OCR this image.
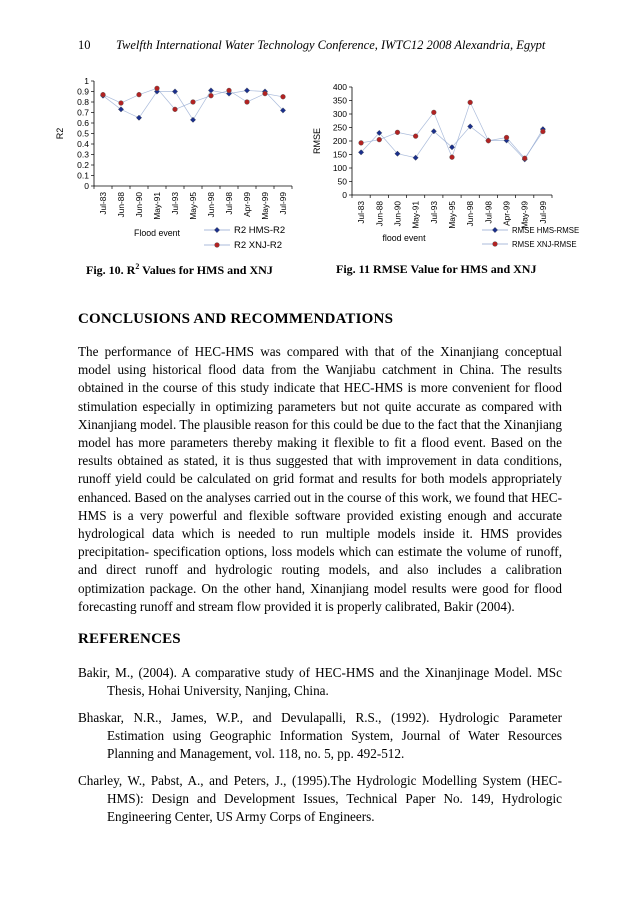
10 Twelfth International Water Technology Conference, IWTC12 2008 Alexandria, Egypt
0
0.1
0.2
0.3
0.4
0.5
0.6
0.7
0.8
0.9
1
Jul-83 Jun-88 Jun-90 May-91 Jul-93 May-95 Jun-98 Jul-98 Apr-99 May-99 Jul-99
R2
Flood event	R2 HMS-R2
R2 XNJ-R2
0
50
100
150
200
250
300
350
400
Jul-83 Jun-88 Jun-90 May-91 Jul-93 May-95 Jun-98 Jul-98 Apr-99 May-99 Jul-99
RMSE
flood event
RMSE HMS-RMSE
RMSE XNJ-RMSE
Fig. 10. $R^2$ Values for HMS and XNJ	Fig. 11 RMSE Value for HMS and XNJ
CONCLUSIONS AND RECOMMENDATIONS
The performance of HEC-HMS was compared with that of the Xinanjiang conceptual model using historical flood data from the Wanjiabu catchment in China. The results obtained in the course of this study indicate that HEC-HMS is more convenient for flood stimulation especially in optimizing parameters but not quite accurate as compared with Xinanjiang model. The plausible reason for this could be due to the fact that the Xinanjiang model has more parameters thereby making it flexible to fit a flood event. Based on the results obtained as stated, it is thus suggested that with improvement in data conditions, runoff yield could be calculated on grid format and results for both models appropriately enhanced. Based on the analyses carried out in the course of this work, we found that HEC-HMS is a very powerful and flexible software provided existing enough and accurate hydrological data which is needed to run multiple models inside it. HMS provides precipitation- specification options, loss models which can estimate the volume of runoff, and direct runoff and hydrologic routing models, and also includes a calibration optimization package. On the other hand, Xinanjiang model results were good for flood forecasting runoff and stream flow provided it is properly calibrated, Bakir (2004).
REFERENCES
Bakir, M., (2004). A comparative study of HEC-HMS and the Xinanjinage Model. MSc Thesis, Hohai University, Nanjing, China.
Bhaskar, N.R., James, W.P., and Devulapalli, R.S., (1992). Hydrologic Parameter Estimation using Geographic Information System, Journal of Water Resources Planning and Management, vol. 118, no. 5, pp. 492-512.
Charley, W., Pabst, A., and Peters, J., (1995).The Hydrologic Modelling System (HEC-HMS): Design and Development Issues, Technical Paper No. 149, Hydrologic Engineering Center, US Army Corps of Engineers.
